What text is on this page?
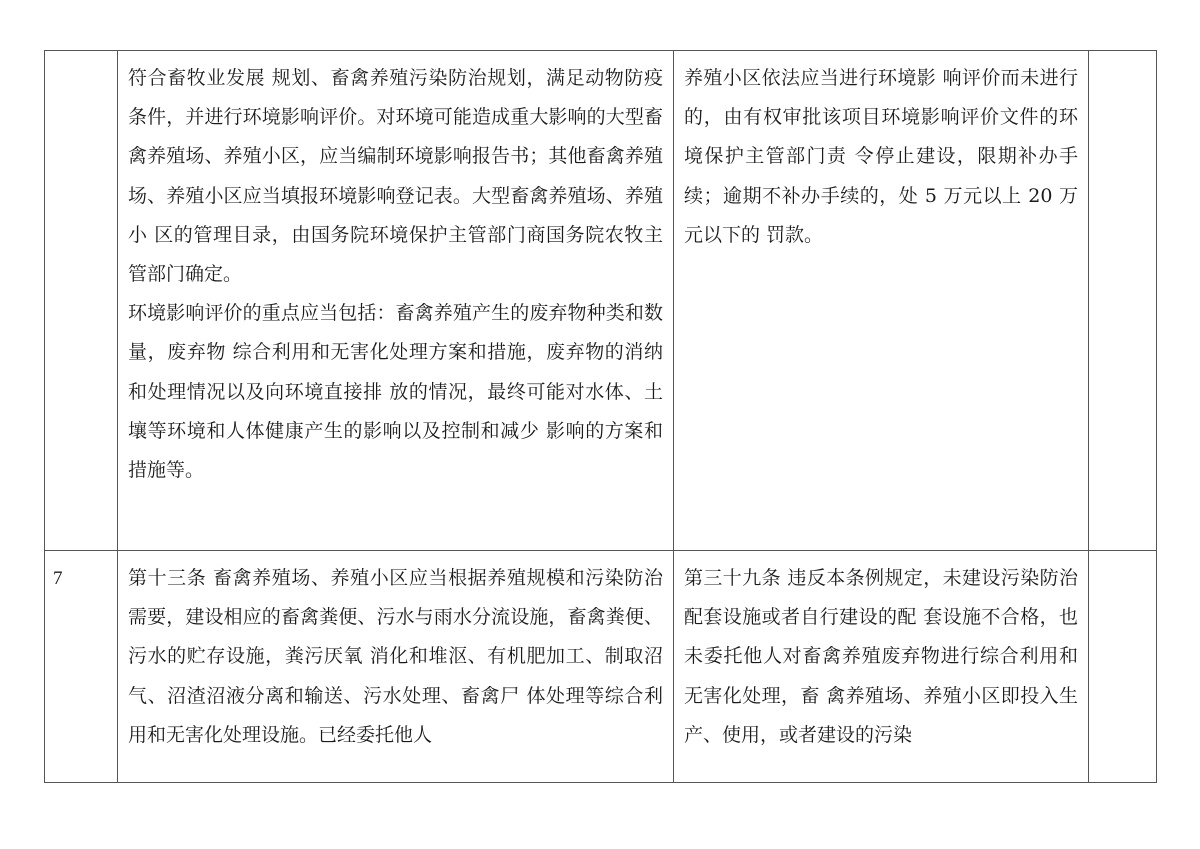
	符合畜牧业发展 规划、畜禽养殖污染防治规划，满足动物防疫条件，并进行环境影响评价。对环境可能造成重大影响的大型畜禽养殖场、养殖小区，应当编制环境影响报告书；其他畜禽养殖场、养殖小区应当填报环境影响登记表。大型畜禽养殖场、养殖小 区的管理目录，由国务院环境保护主管部门商国务院农牧主管部门确定。

环境影响评价的重点应当包括：畜禽养殖产生的废弃物种类和数量，废弃物 综合利用和无害化处理方案和措施，废弃物的消纳和处理情况以及向环境直接排 放的情况，最终可能对水体、土壤等环境和人体健康产生的影响以及控制和减少 影响的方案和措施等。	养殖小区依法应当进行环境影 响评价而未进行的，由有权审批该项目环境影响评价文件的环境保护主管部门责 令停止建设，限期补办手续；逾期不补办手续的，处 5 万元以上 20 万元以下的 罚款。	

7	第十三条 畜禽养殖场、养殖小区应当根据养殖规模和污染防治需要，建设相应的畜禽粪便、污水与雨水分流设施，畜禽粪便、污水的贮存设施，粪污厌氧 消化和堆沤、有机肥加工、制取沼气、沼渣沼液分离和输送、污水处理、畜禽尸 体处理等综合利用和无害化处理设施。已经委托他人	第三十九条 违反本条例规定，未建设污染防治配套设施或者自行建设的配 套设施不合格，也未委托他人对畜禽养殖废弃物进行综合利用和无害化处理，畜 禽养殖场、养殖小区即投入生产、使用，或者建设的污染	
